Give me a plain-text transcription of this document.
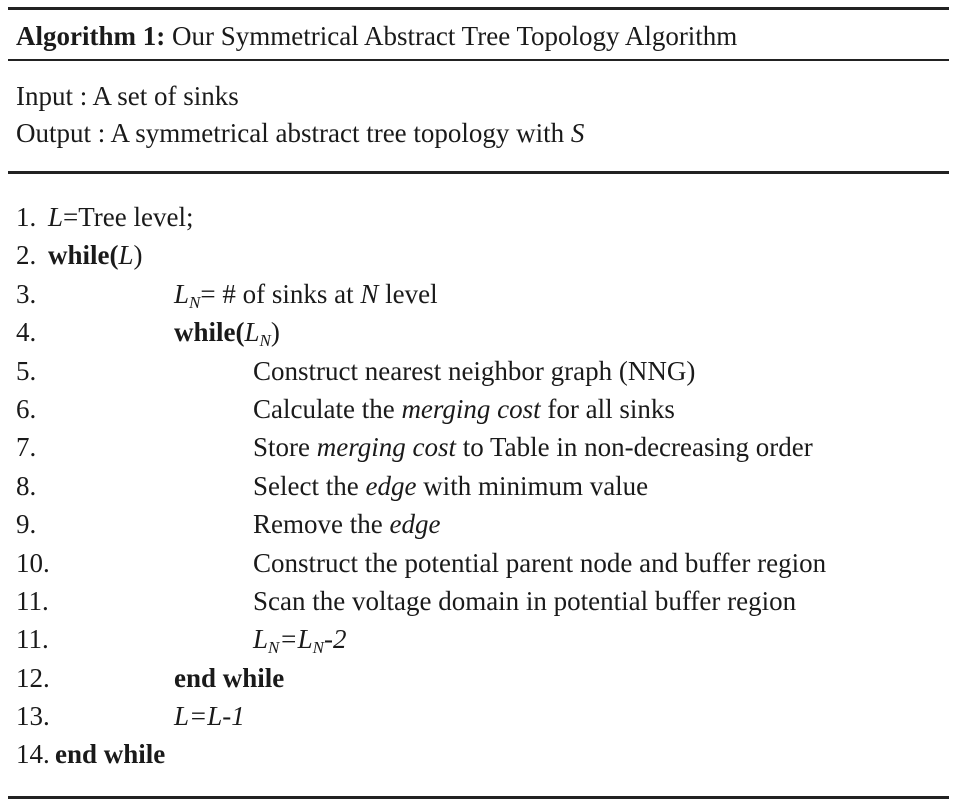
Algorithm 1: Our Symmetrical Abstract Tree Topology Algorithm
Input : A set of sinks
Output : A symmetrical abstract tree topology with S
1. L=Tree level;
2. while(L)
3.	$L_N=$ # of sinks at N level
4.	$while(L_N)$
5.	Construct nearest neighbor graph (NNG)
6.	Calculate the merging cost for all sinks
7.	Store merging cost to Table in non-decreasing order
8.	Select the edge with minimum value
9.	Remove the edge
10.	Construct the potential parent node and buffer region
11.	Scan the voltage domain in potential buffer region
11.	$L_N=L_N-2$
12.	end while
13.	L=L-1
14. end while
